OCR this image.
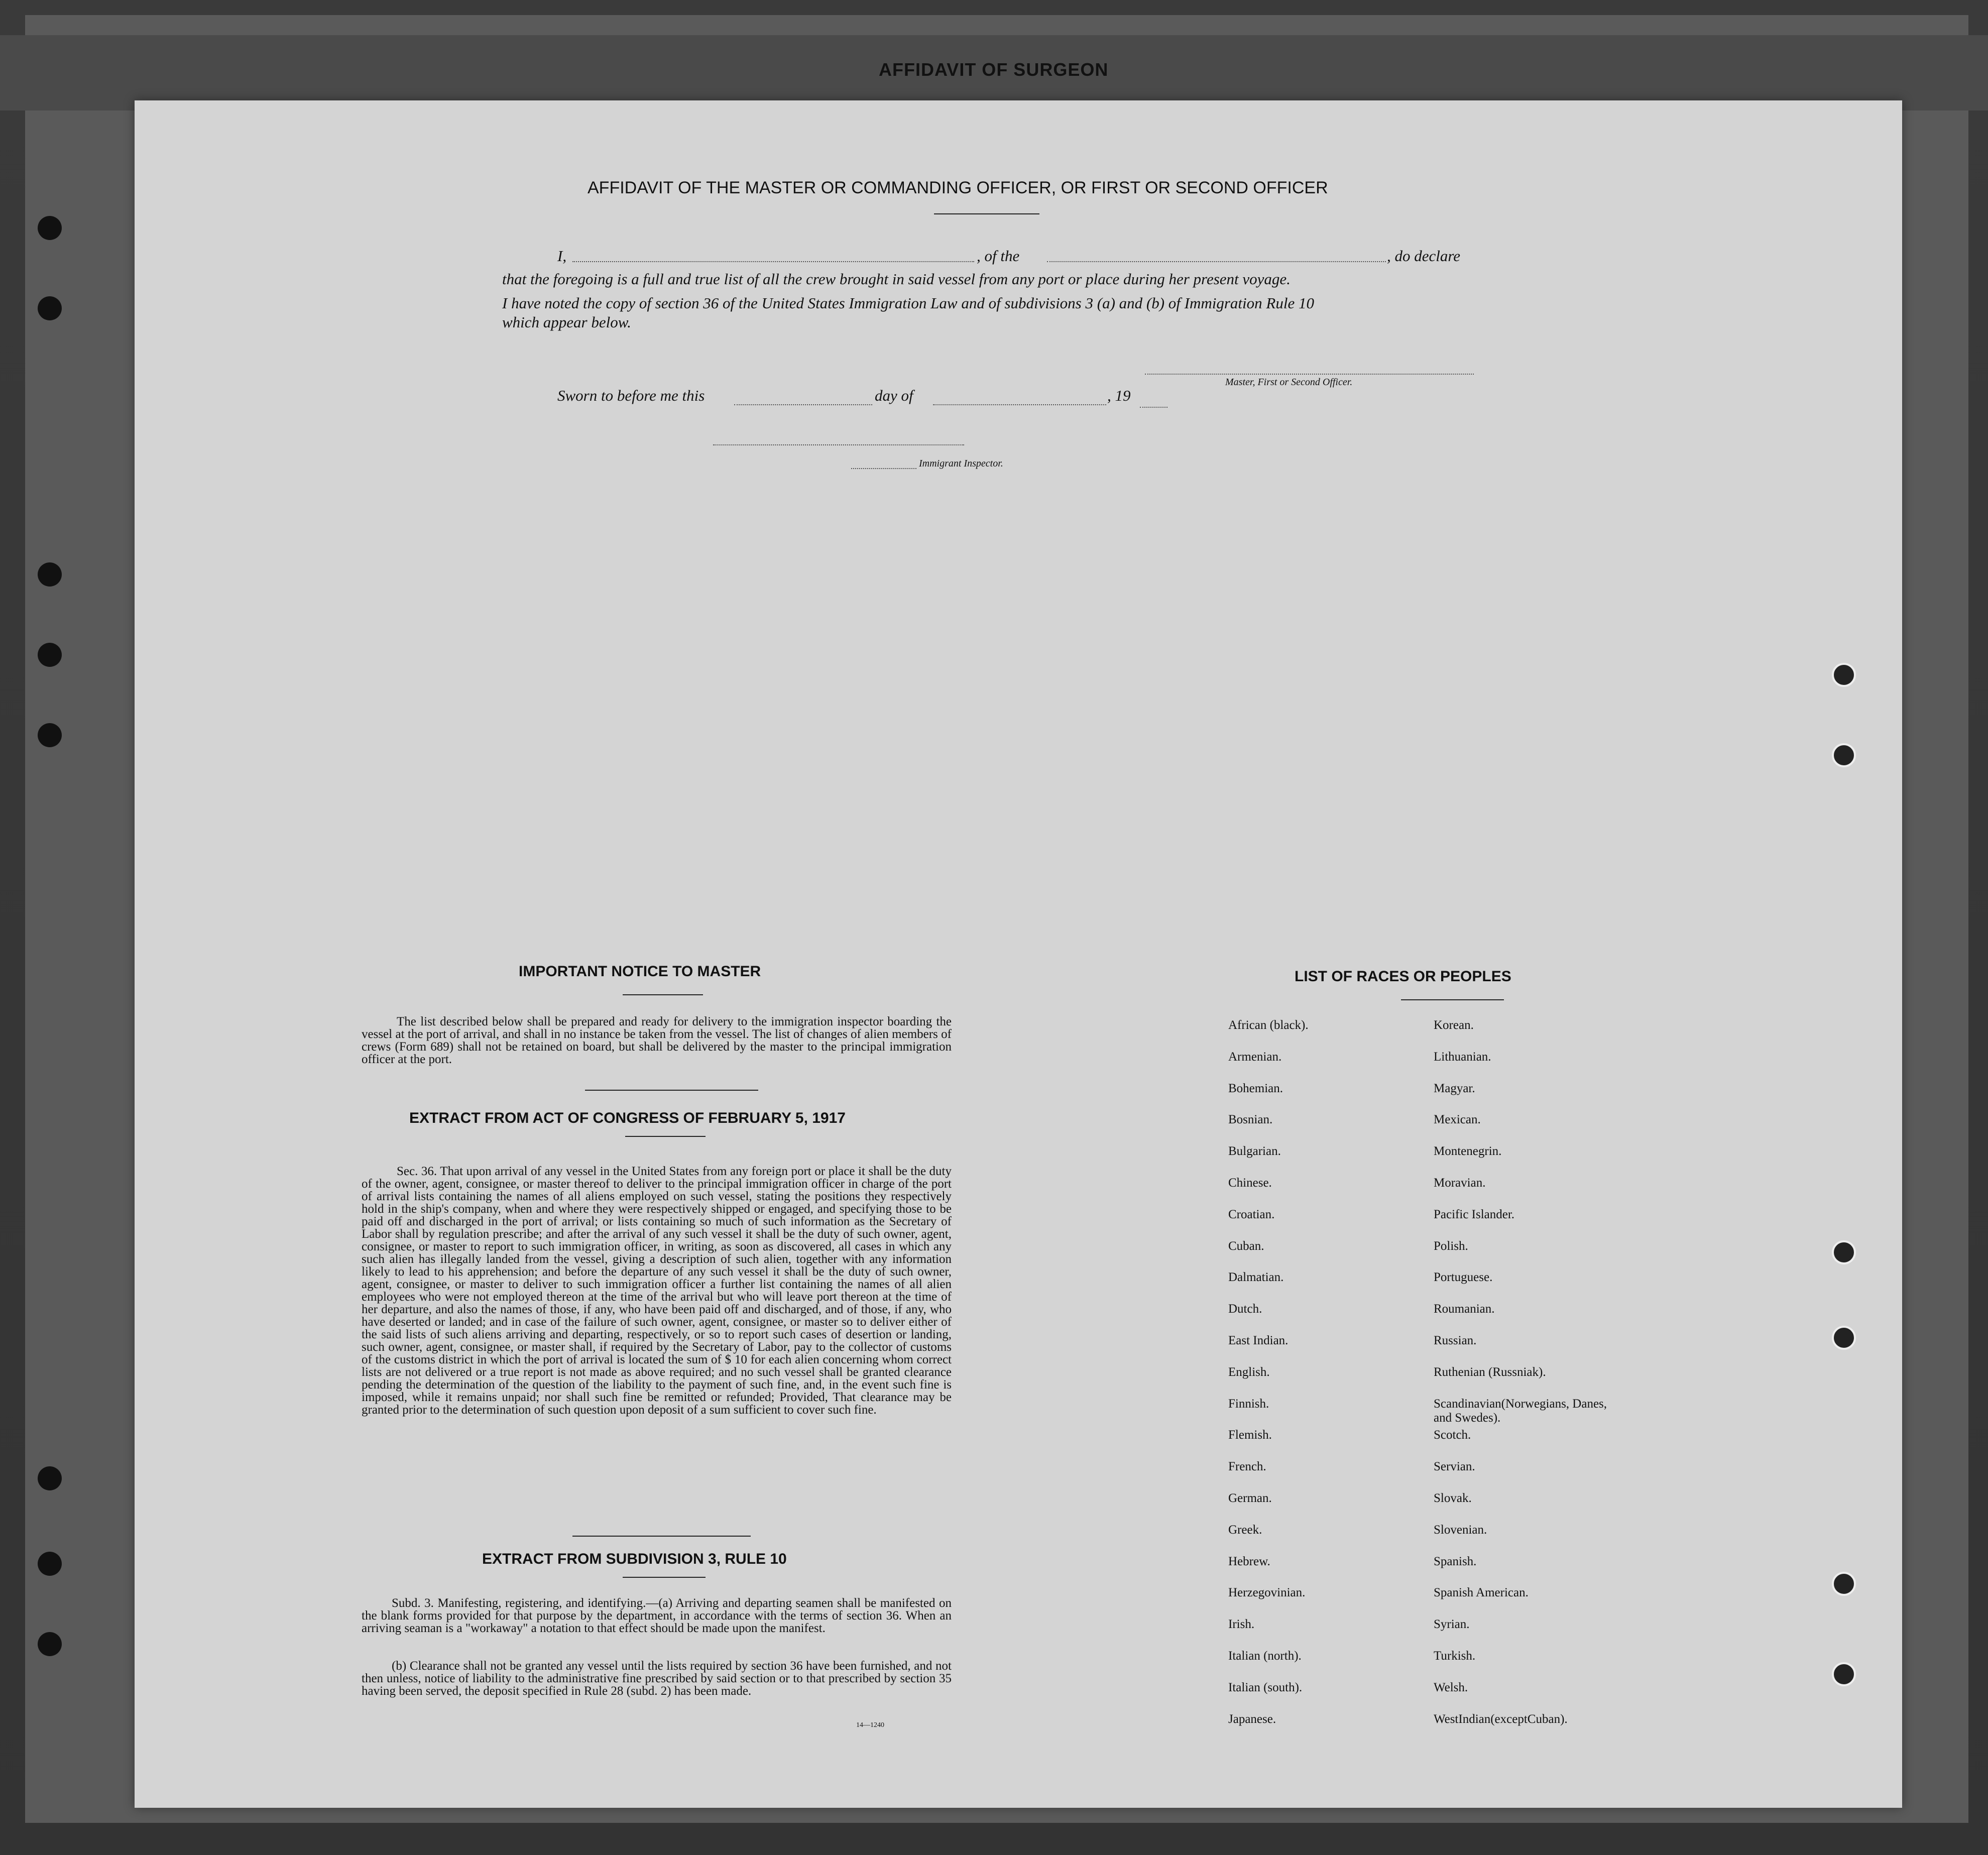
AFFIDAVIT OF SURGEON
AFFIDAVIT OF THE MASTER OR COMMANDING OFFICER, OR FIRST OR SECOND OFFICER
I,	, of the	, do declare
that the foregoing is a full and true list of all the crew brought in said vessel from any port or place during her present voyage.
I have noted the copy of section 36 of the United States Immigration Law and of subdivisions 3 (a) and (b) of Immigration Rule 10
which appear below.
Master, First or Second Officer.
Sworn to before me this	day of	, 19
Immigrant Inspector.
IMPORTANT NOTICE TO MASTER
The list described below shall be prepared and ready for delivery to the immigration inspector boarding the vessel at the port of arrival, and shall in no instance be taken from the vessel. The list of changes of alien members of crews (Form 689) shall not be retained on board, but shall be delivered by the master to the principal immigration officer at the port.
EXTRACT FROM ACT OF CONGRESS OF FEBRUARY 5, 1917
Sec. 36. That upon arrival of any vessel in the United States from any foreign port or place it shall be the duty of the owner, agent, consignee, or master thereof to deliver to the principal immigration officer in charge of the port of arrival lists containing the names of all aliens employed on such vessel, stating the positions they respectively hold in the ship's company, when and where they were respectively shipped or engaged, and specifying those to be paid off and discharged in the port of arrival; or lists containing so much of such information as the Secretary of Labor shall by regulation prescribe; and after the arrival of any such vessel it shall be the duty of such owner, agent, consignee, or master to report to such immigration officer, in writing, as soon as discovered, all cases in which any such alien has illegally landed from the vessel, giving a description of such alien, together with any information likely to lead to his apprehension; and before the departure of any such vessel it shall be the duty of such owner, agent, consignee, or master to deliver to such immigration officer a further list containing the names of all alien employees who were not employed thereon at the time of the arrival but who will leave port thereon at the time of her departure, and also the names of those, if any, who have been paid off and discharged, and of those, if any, who have deserted or landed; and in case of the failure of such owner, agent, consignee, or master so to deliver either of the said lists of such aliens arriving and departing, respectively, or so to report such cases of desertion or landing, such owner, agent, consignee, or master shall, if required by the Secretary of Labor, pay to the collector of customs of the customs district in which the port of arrival is located the sum of $ 10 for each alien concerning whom correct lists are not delivered or a true report is not made as above required; and no such vessel shall be granted clearance pending the determination of the question of the liability to the payment of such fine, and, in the event such fine is imposed, while it remains unpaid; nor shall such fine be remitted or refunded; Provided, That clearance may be granted prior to the determination of such question upon deposit of a sum sufficient to cover such fine.
EXTRACT FROM SUBDIVISION 3, RULE 10
Subd. 3. Manifesting, registering, and identifying.—(a) Arriving and departing seamen shall be manifested on the blank forms provided for that purpose by the department, in accordance with the terms of section 36. When an arriving seaman is a "workaway" a notation to that effect should be made upon the manifest.
(b) Clearance shall not be granted any vessel until the lists required by section 36 have been furnished, and not then unless, notice of liability to the administrative fine prescribed by said section or to that prescribed by section 35 having been served, the deposit specified in Rule 28 (subd. 2) has been made.
14—1240
LIST OF RACES OR PEOPLES
African (black).
Armenian.
Bohemian.
Bosnian.
Bulgarian.
Chinese.
Croatian.
Cuban.
Dalmatian.
Dutch.
East Indian.
English.
Finnish.
Flemish.
French.
German.
Greek.
Hebrew.
Herzegovinian.
Irish.
Italian (north).
Italian (south).
Japanese.
Korean.
Lithuanian.
Magyar.
Mexican.
Montenegrin.
Moravian.
Pacific Islander.
Polish.
Portuguese.
Roumanian.
Russian.
Ruthenian (Russniak).
Scandinavian(Norwegians, Danes, and Swedes).
Scotch.
Servian.
Slovak.
Slovenian.
Spanish.
Spanish American.
Syrian.
Turkish.
Welsh.
WestIndian(exceptCuban).
